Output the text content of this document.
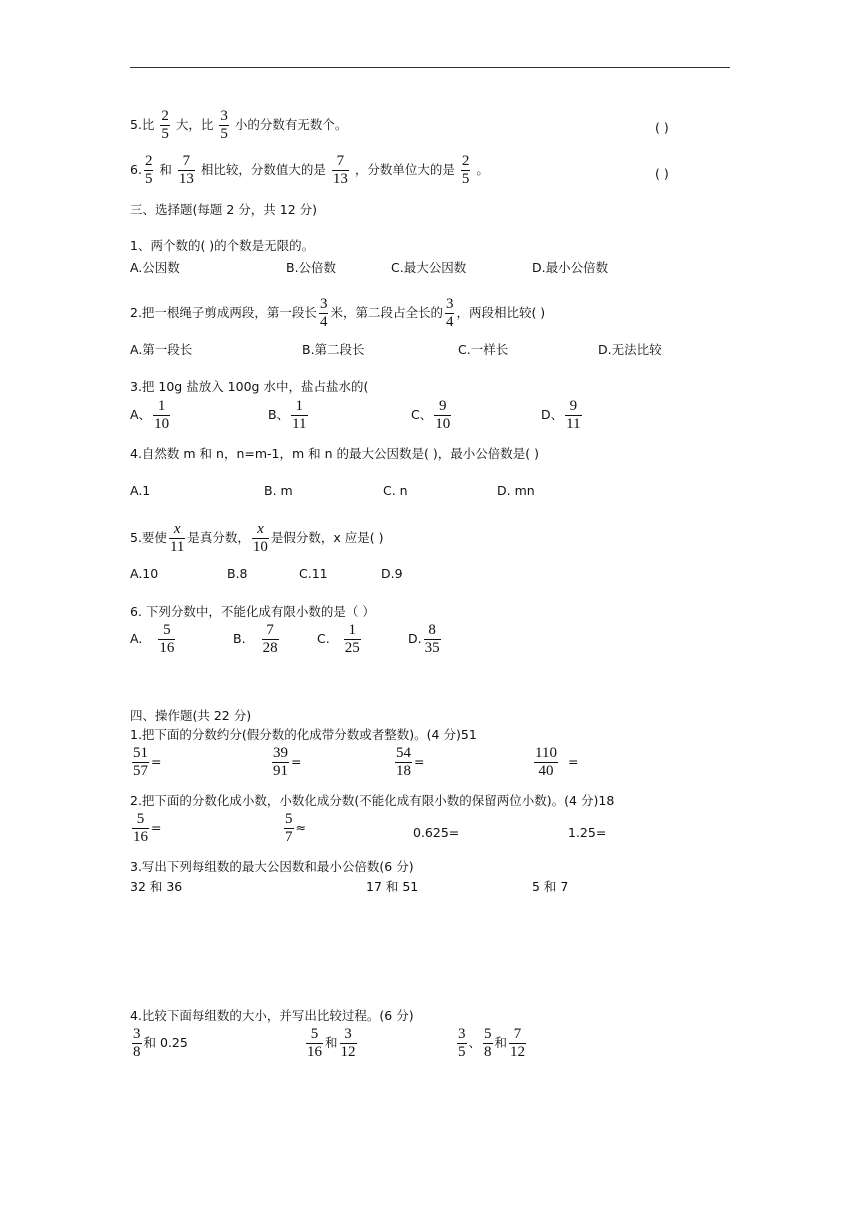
5.比 $\frac{2}{5}$ 大，比 $\frac{3}{5}$ 小的分数有无数个。	( )
6. $\frac{2}{5}$ 和 $\frac{7}{13}$ 相比较，分数值大的是 $\frac{7}{13}$ ，分数单位大的是 $\frac{2}{5}$ 。	( )
三、选择题(每题 2 分，共 12 分)
1、两个数的( )的个数是无限的。
A.公因数	B.公倍数	C.最大公因数	D.最小公倍数
2.把一根绳子剪成两段，第一段长 $\frac{3}{4}$ 米，第二段占全长的 $\frac{3}{4}$ ，两段相比较( )
A.第一段长	B.第二段长	C.一样长	D.无法比较
3.把 10g 盐放入 100g 水中，盐占盐水的(
A、 $\frac{1}{10}$	B、 $\frac{1}{11}$	C、 $\frac{9}{10}$	D、 $\frac{9}{11}$
4.自然数 m 和 n，n=m-1，m 和 n 的最大公因数是( )，最小公倍数是( )
A.1	B. m	C. n	D. mn
5.要使 $\frac{x}{11}$ 是真分数， $\frac{x}{10}$ 是假分数，x 应是( )
A.10	B.8	C.11	D.9
6. 下列分数中，不能化成有限小数的是（ ）
A. $\frac{5}{16}$	B. $\frac{7}{28}$	C. $\frac{1}{25}$	D. $\frac{8}{35}$
四、操作题(共 22 分)
1.把下面的分数约分(假分数的化成带分数或者整数)。(4 分)51
$\frac{51}{57}$ =	$\frac{39}{91}$ =	$\frac{54}{18}$ =	$\frac{110}{40}$ =
2.把下面的分数化成小数，小数化成分数(不能化成有限小数的保留两位小数)。(4 分)18
$\frac{5}{16}$ =	$\frac{5}{7}$ ≈	0.625=	1.25=
3.写出下列每组数的最大公因数和最小公倍数(6 分)
32 和 36	17 和 51	5 和 7
4.比较下面每组数的大小，并写出比较过程。(6 分)
$\frac{3}{8}$ 和 0.25	$\frac{5}{16}$ 和 $\frac{3}{12}$	$\frac{3}{5}$ 、 $\frac{5}{8}$ 和 $\frac{7}{12}$
